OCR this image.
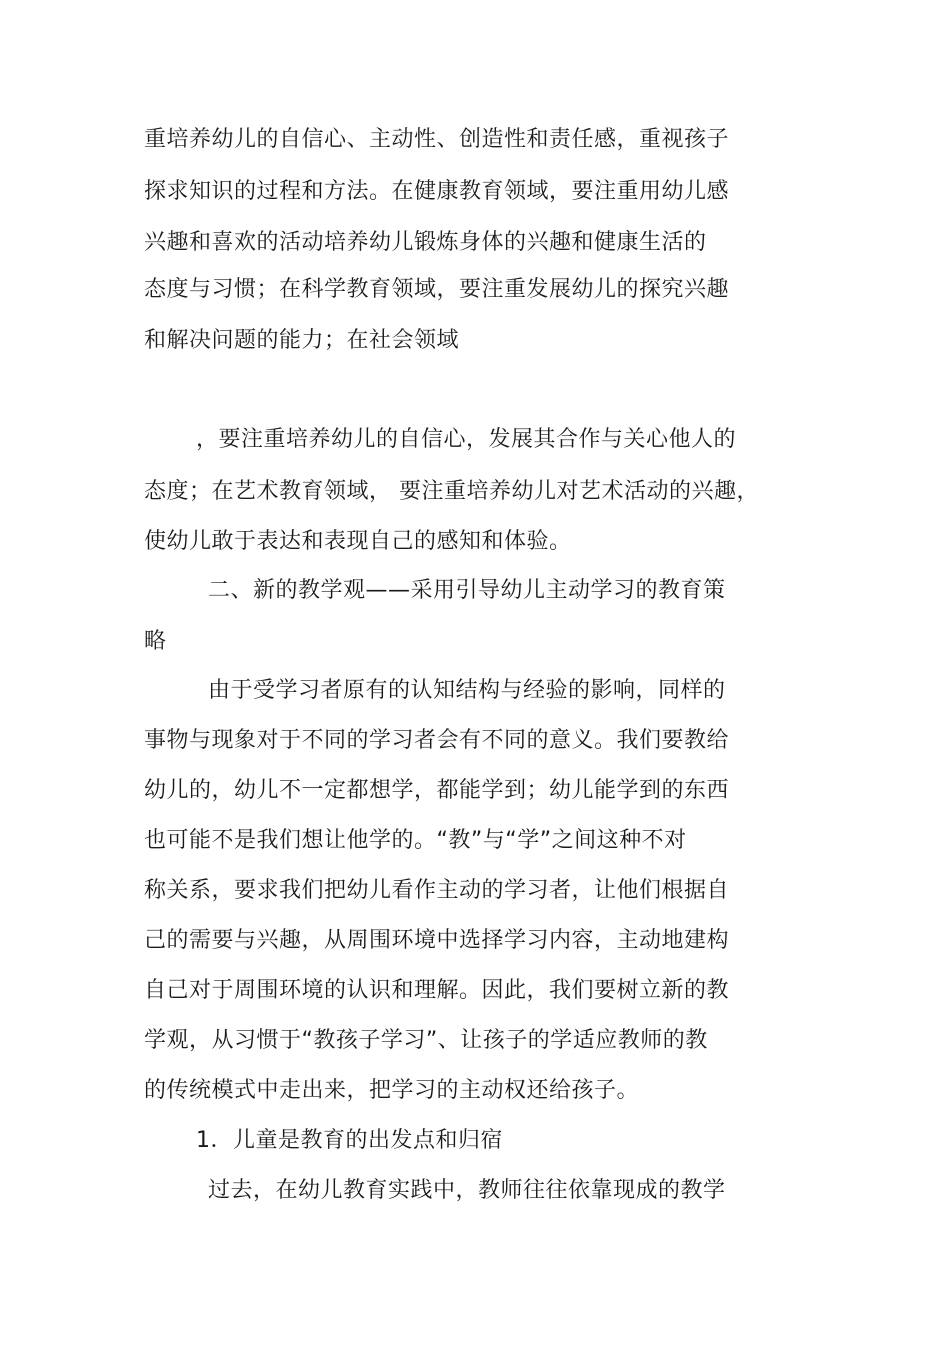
重培养幼儿的自信心、主动性、创造性和责任感，重视孩子
探求知识的过程和方法。在健康教育领域，要注重用幼儿感
兴趣和喜欢的活动培养幼儿锻炼身体的兴趣和健康生活的
态度与习惯；在科学教育领域，要注重发展幼儿的探究兴趣
和解决问题的能力；在社会领域
，要注重培养幼儿的自信心，发展其合作与关心他人的
态度；在艺术教育领域， 要注重培养幼儿对艺术活动的兴趣，
使幼儿敢于表达和表现自己的感知和体验。
二、新的教学观——采用引导幼儿主动学习的教育策
略
由于受学习者原有的认知结构与经验的影响，同样的
事物与现象对于不同的学习者会有不同的意义。我们要教给
幼儿的，幼儿不一定都想学，都能学到；幼儿能学到的东西
也可能不是我们想让他学的。“教”与“学”之间这种不对
称关系，要求我们把幼儿看作主动的学习者，让他们根据自
己的需要与兴趣，从周围环境中选择学习内容，主动地建构
自己对于周围环境的认识和理解。因此，我们要树立新的教
学观，从习惯于“教孩子学习”、让孩子的学适应教师的教
的传统模式中走出来，把学习的主动权还给孩子。
1．儿童是教育的出发点和归宿
过去，在幼儿教育实践中，教师往往依靠现成的教学
